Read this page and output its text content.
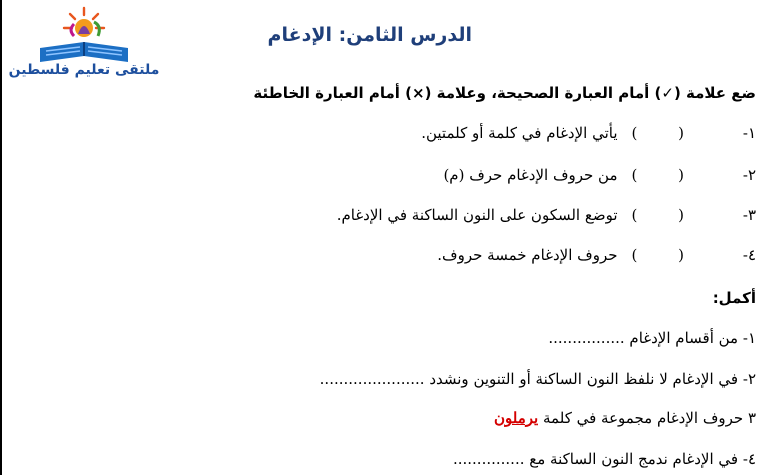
ملتقى تعليم فلسطين
الدرس الثامن: الإدغام
ضع علامة (✓) أمام العبارة الصحيحة، وعلامة (×) أمام العبارة الخاطئة
١-
( )
يأتي الإدغام في كلمة أو كلمتين.
٢-
( )
من حروف الإدغام حرف (م)
٣-
( )
توضع السكون على النون الساكنة في الإدغام.
٤-
( )
حروف الإدغام خمسة حروف.
أكمل:
١- من أقسام الإدغام ................
٢- في الإدغام لا نلفظ النون الساكنة أو التنوين ونشدد ......................
٣ حروف الإدغام مجموعة في كلمة يرملون
٤- في الإدغام ندمج النون الساكنة مع ...............
